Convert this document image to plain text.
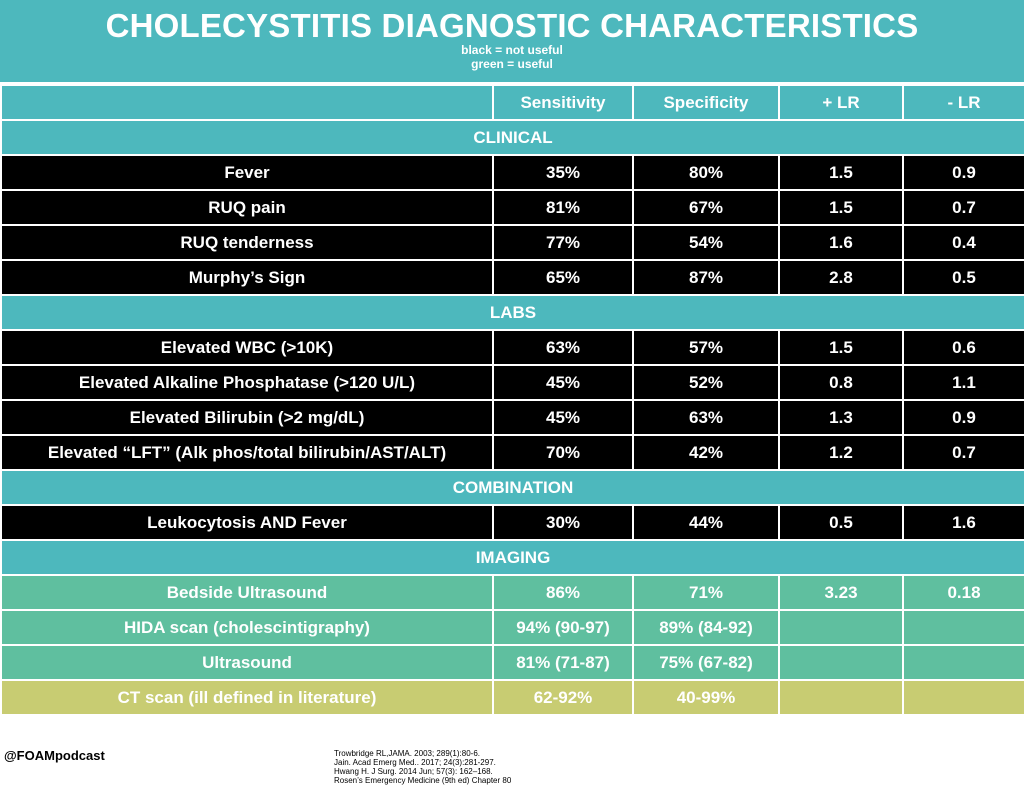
CHOLECYSTITIS DIAGNOSTIC CHARACTERISTICS
black = not useful
green = useful
	Sensitivity	Specificity	+ LR	- LR
CLINICAL				
Fever	35%	80%	1.5	0.9
RUQ pain	81%	67%	1.5	0.7
RUQ tenderness	77%	54%	1.6	0.4
Murphy’s Sign	65%	87%	2.8	0.5
LABS				
Elevated WBC (>10K)	63%	57%	1.5	0.6
Elevated Alkaline Phosphatase (>120 U/L)	45%	52%	0.8	1.1
Elevated Bilirubin (>2 mg/dL)	45%	63%	1.3	0.9
Elevated “LFT” (Alk phos/total bilirubin/AST/ALT)	70%	42%	1.2	0.7
COMBINATION				
Leukocytosis AND Fever	30%	44%	0.5	1.6
IMAGING				
Bedside Ultrasound	86%	71%	3.23	0.18
HIDA scan (cholescintigraphy)	94% (90-97)	89% (84-92)		
Ultrasound	81% (71-87)	75% (67-82)		
CT scan (ill defined in literature)	62-92%	40-99%		
@FOAMpodcast	Trowbridge RL,JAMA. 2003; 289(1):80-6.
Jain. Acad Emerg Med.. 2017; 24(3):281-297.
Hwang H. J Surg. 2014 Jun; 57(3): 162–168.
Rosen’s Emergency Medicine (9th ed) Chapter 80
